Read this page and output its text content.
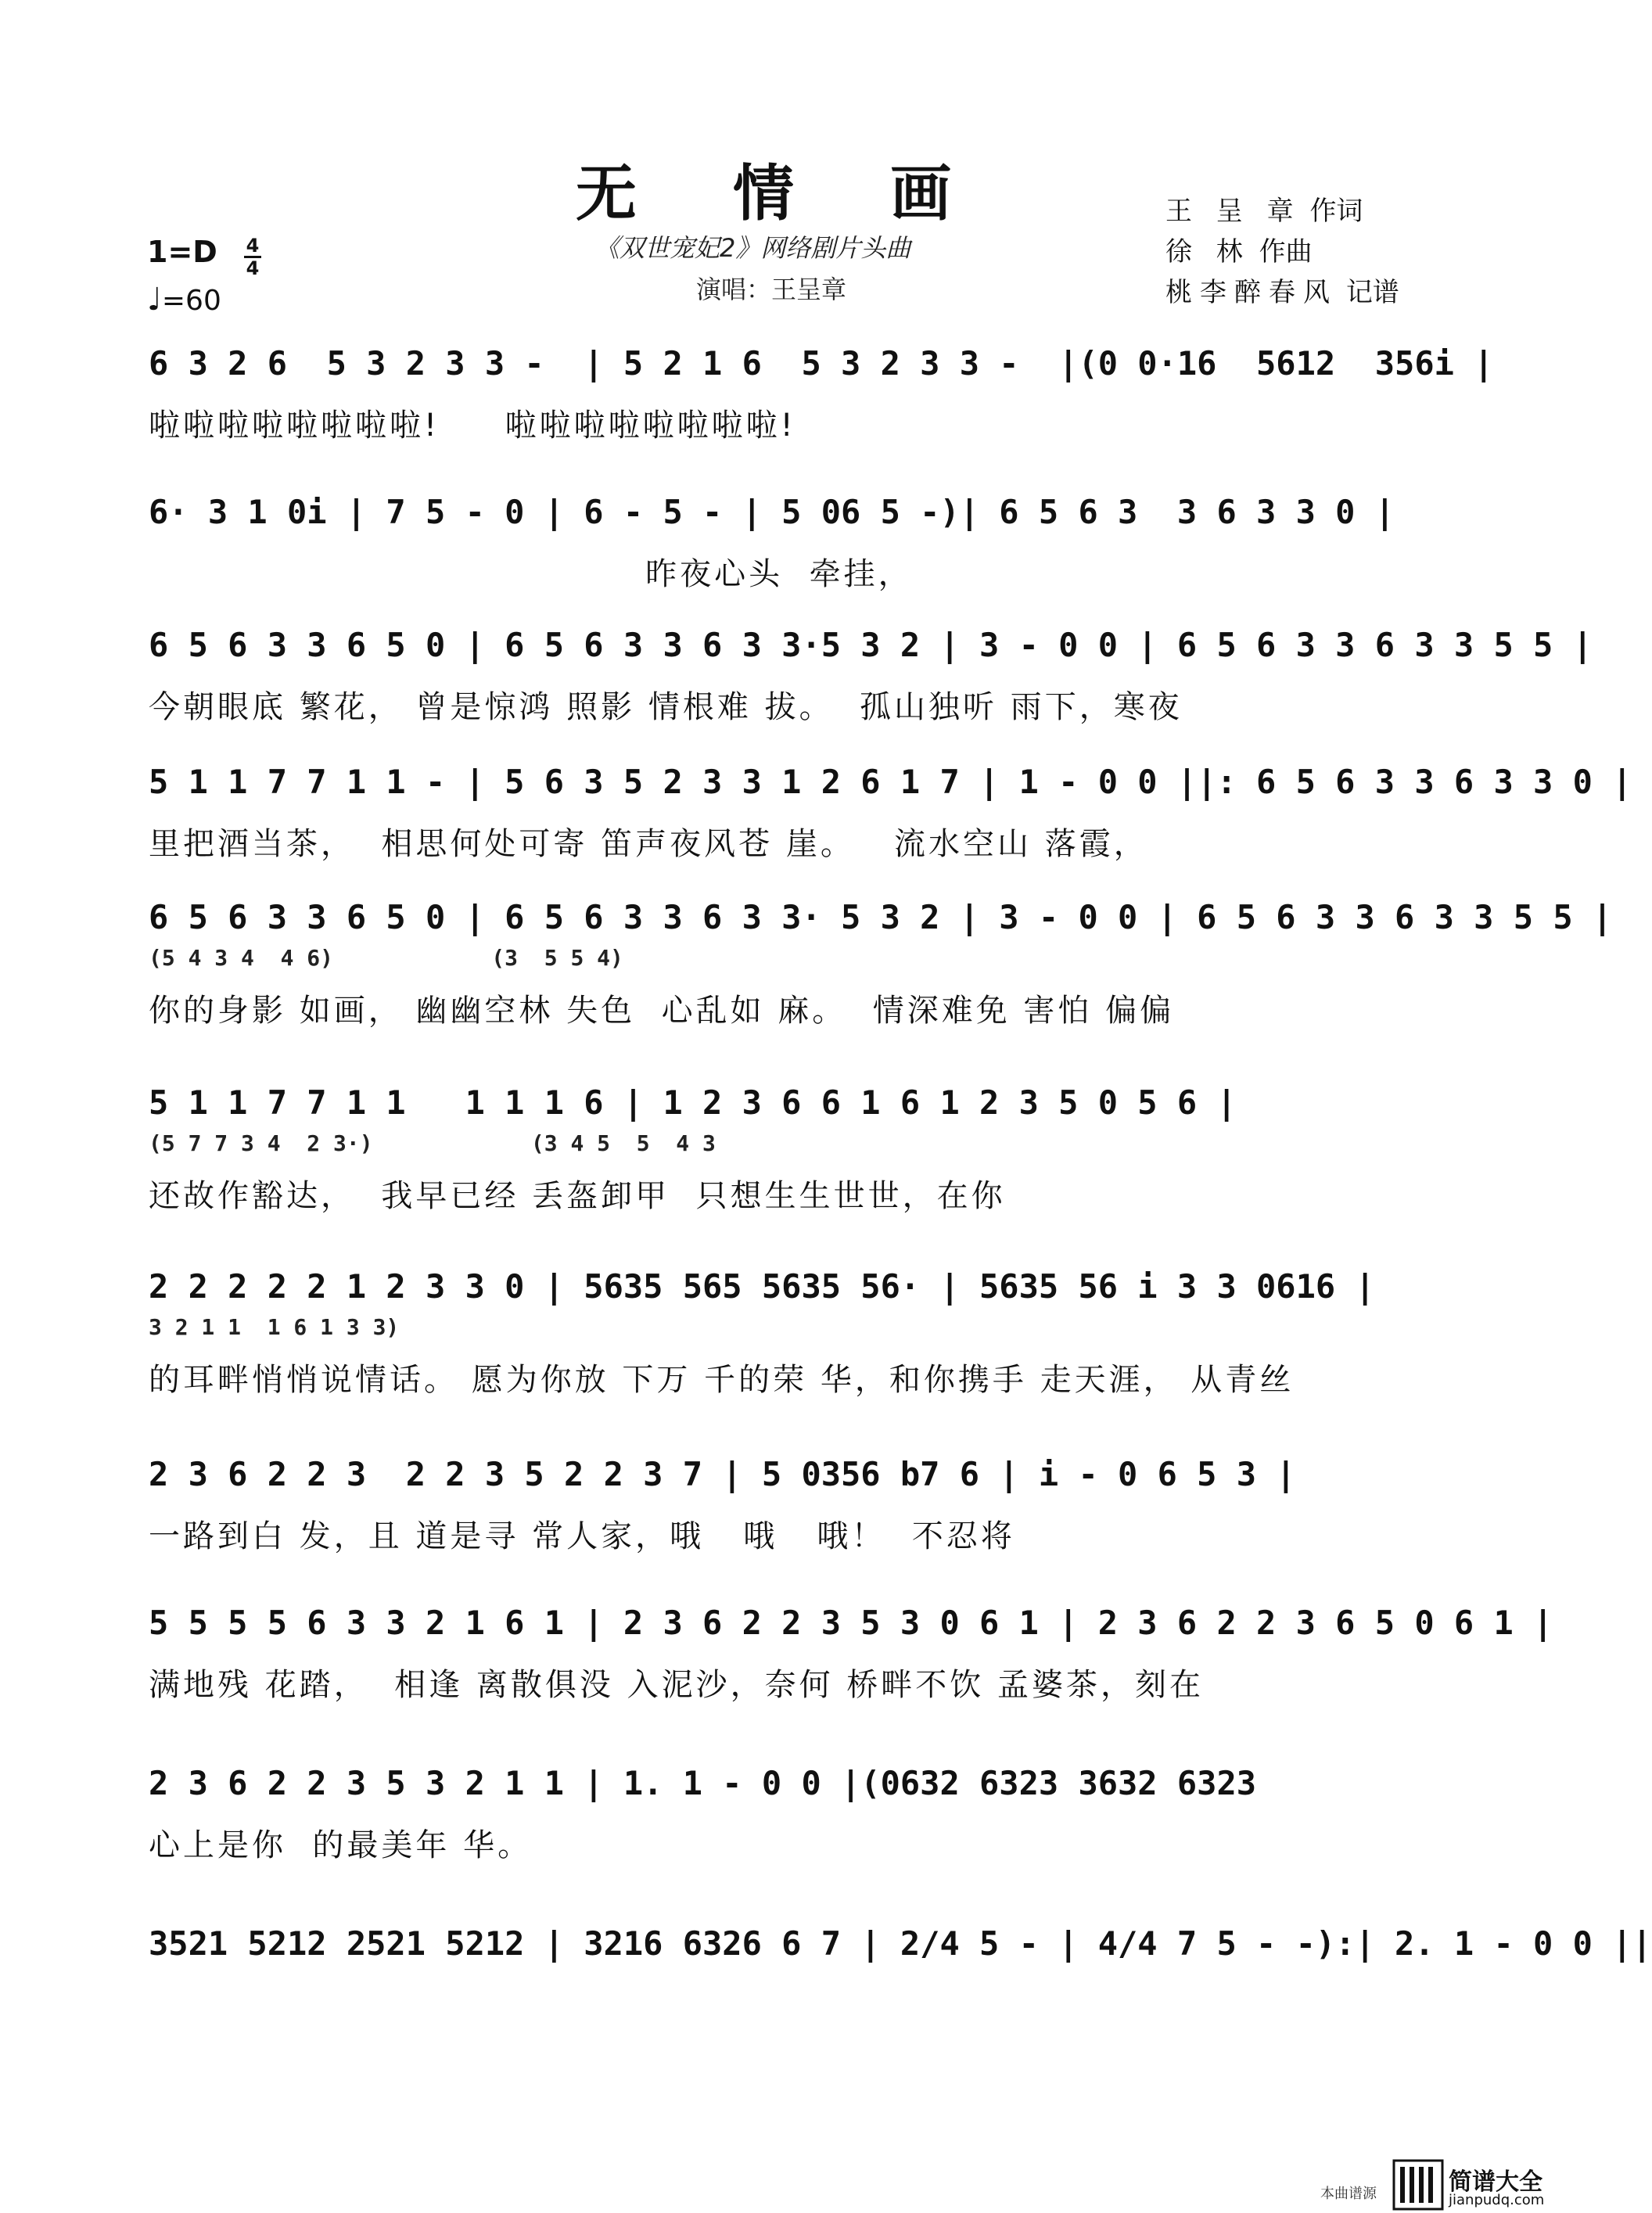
无 情 画
《双世宠妃2》网络剧片头曲
演唱：王呈章
1=D 4
4
♩=60
王 呈 章 作词
徐 林 作曲
桃李醉春风 记谱
6 3 2 6  5 3 2 3 3 -  | 5 2 1 6  5 3 2 3 3 -  |(0 0·16  5612  356i |
啦啦啦啦啦啦啦啦!     啦啦啦啦啦啦啦啦!
6· 3 1 0i | 7 5 - 0 | 6 - 5 - | 5 06 5 -)| 6 5 6 3  3 6 3 3 0 |
昨夜心头  牵挂，
6 5 6 3 3 6 5 0 | 6 5 6 3 3 6 3 3·5 3 2 | 3 - 0 0 | 6 5 6 3 3 6 3 3 5 5 |
今朝眼底 繁花， 曾是惊鸿 照影 情根难 拔。  孤山独听 雨下，寒夜
5 1 1 7 7 1 1 - | 5 6 3 5 2 3 3 1 2 6 1 7 | 1 - 0 0 ||: 6 5 6 3 3 6 3 3 0 |
里把酒当茶，  相思何处可寄 笛声夜风苍 崖。   流水空山 落霞，
6 5 6 3 3 6 5 0 | 6 5 6 3 3 6 3 3· 5 3 2 | 3 - 0 0 | 6 5 6 3 3 6 3 3 5 5 |
(5 4 3 4  4 6)            (3  5 5 4)
你的身影 如画， 幽幽空林 失色  心乱如 麻。  情深难免 害怕 偏偏
5 1 1 7 7 1 1   1 1 1 6 | 1 2 3 6 6 1 6 1 2 3 5 0 5 6 |
(5 7 7 3 4  2 3·)            (3 4 5  5  4 3
还故作豁达，  我早已经 丢盔卸甲  只想生生世世，在你
2 2 2 2 2 1 2 3 3 0 | 5635 565 5635 56· | 5635 56 i 3 3 0616 |
3 2 1 1  1 6 1 3 3)
的耳畔悄悄说情话。 愿为你放 下万 千的荣 华，和你携手 走天涯， 从青丝
2 3 6 2 2 3  2 2 3 5 2 2 3 7 | 5 0356 b7 6 | i - 0 6 5 3 |
一路到白 发，且 道是寻 常人家，哦   哦   哦！  不忍将
5 5 5 5 6 3 3 2 1 6 1 | 2 3 6 2 2 3 5 3 0 6 1 | 2 3 6 2 2 3 6 5 0 6 1 |
满地残 花踏，  相逢 离散俱没 入泥沙，奈何 桥畔不饮 孟婆茶，刻在
2 3 6 2 2 3 5 3 2 1 1 | 1. 1 - 0 0 |(0632 6323 3632 6323
心上是你  的最美年 华。
3521 5212 2521 5212 | 3216 6326 6 7 | 2/4 5 - | 4/4 7 5 - -):| 2. 1 - 0 0 ||
本曲谱源	简谱大全
jianpudq.com
